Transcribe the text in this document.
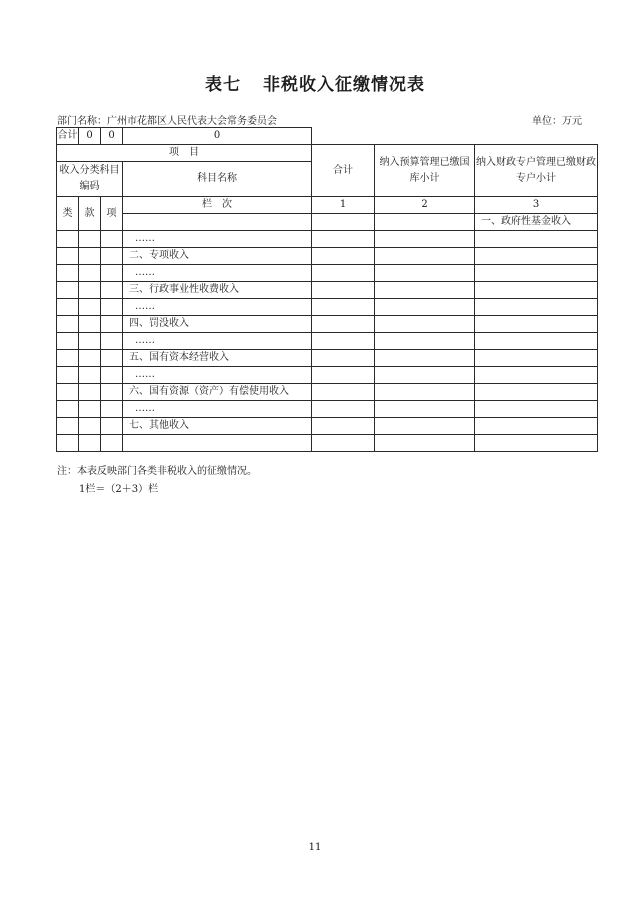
表七 非税收入征缴情况表
部门名称：广州市花都区人民代表大会常务委员会	单位：万元
合计	0	0	0				
项　目				合计	纳入预算管理已缴国库小计	纳入财政专户管理已缴财政专户小计	
收入分类科目编码			科目名称				
类	款	项	栏　次	1	2	3	
						一、政府性基金收入			
			……				
			二、专项收入				
			……				
			三、行政事业性收费收入				
			……				
			四、罚没收入				
			……				
			五、国有资本经营收入				
			……				
			六、国有资源（资产）有偿使用收入				
			……				
			七、其他收入				

注：本表反映部门各类非税收入的征缴情况。
1栏＝（2＋3）栏
11
